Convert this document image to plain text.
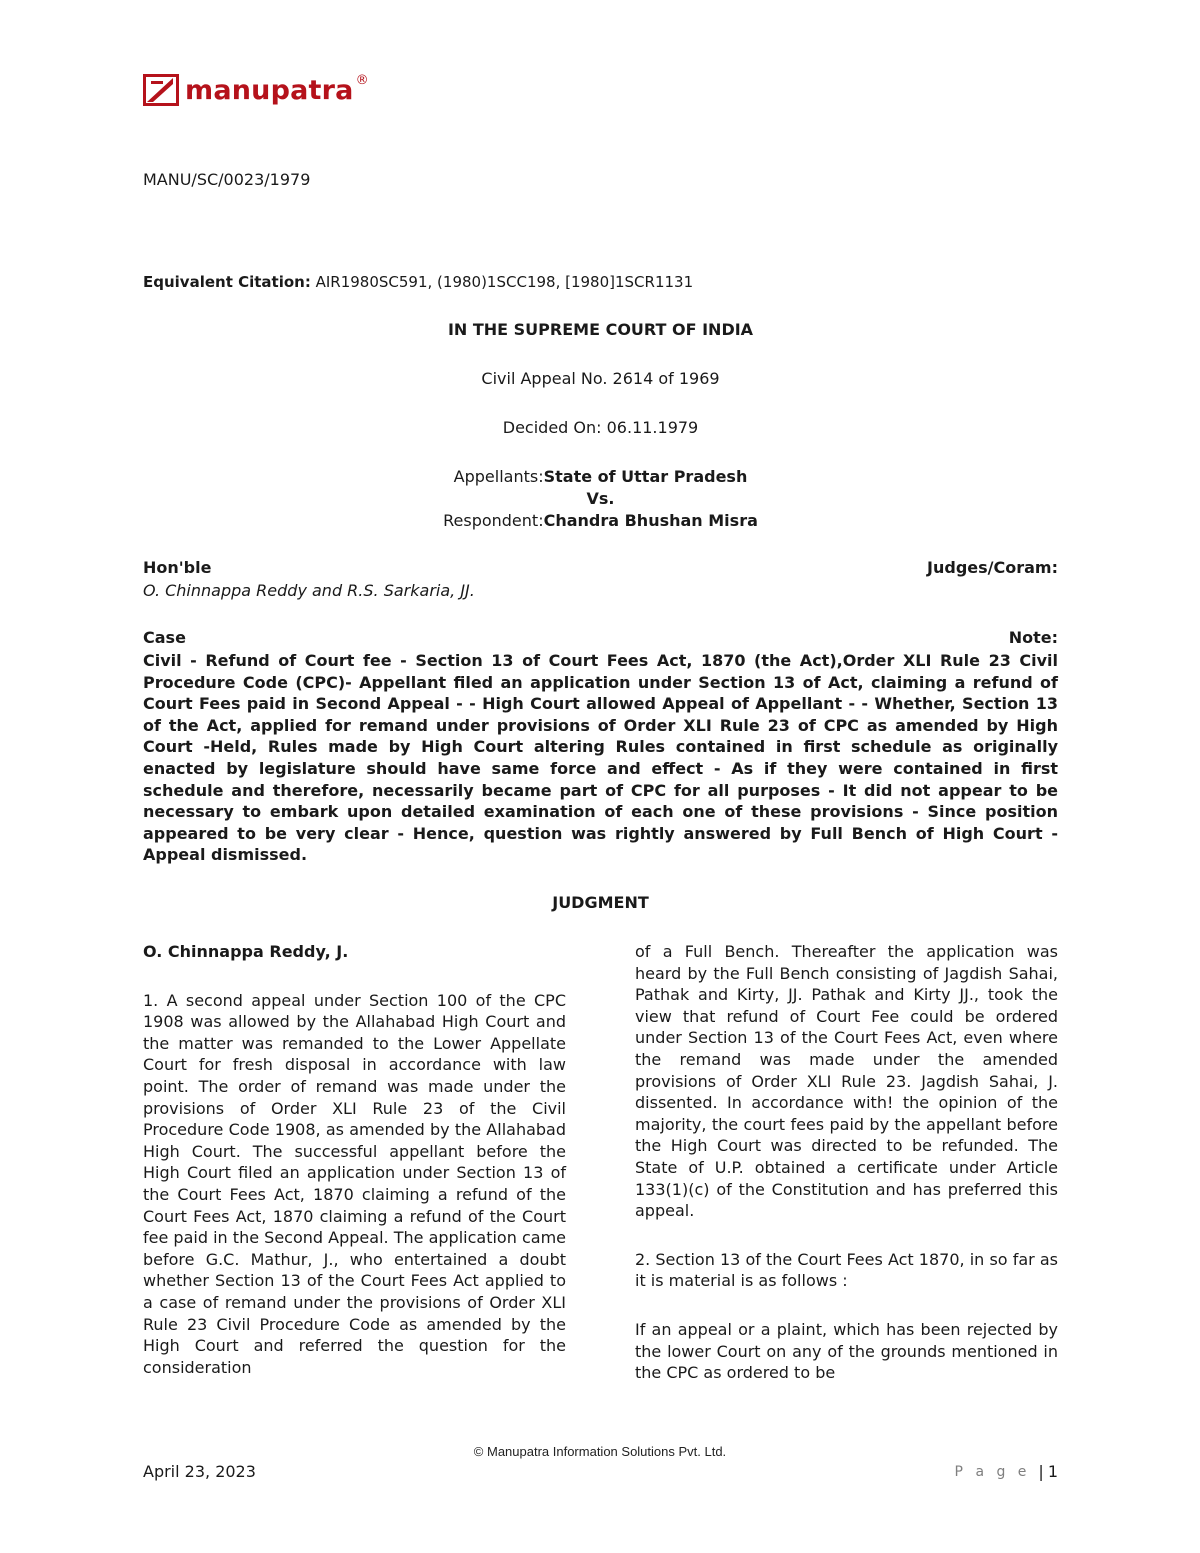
manupatra ®
MANU/SC/0023/1979
Equivalent Citation: AIR1980SC591, (1980)1SCC198, [1980]1SCR1131
IN THE SUPREME COURT OF INDIA
Civil Appeal No. 2614 of 1969
Decided On: 06.11.1979
Appellants:State of Uttar Pradesh
Vs.
Respondent:Chandra Bhushan Misra
Hon'ble	Judges/Coram:
O. Chinnappa Reddy and R.S. Sarkaria, JJ.
Case	Note:
Civil - Refund of Court fee - Section 13 of Court Fees Act, 1870 (the Act),Order XLI Rule 23 Civil Procedure Code (CPC)- Appellant filed an application under Section 13 of Act, claiming a refund of Court Fees paid in Second Appeal - - High Court allowed Appeal of Appellant - - Whether, Section 13 of the Act, applied for remand under provisions of Order XLI Rule 23 of CPC as amended by High Court -Held, Rules made by High Court altering Rules contained in first schedule as originally enacted by legislature should have same force and effect - As if they were contained in first schedule and therefore, necessarily became part of CPC for all purposes - It did not appear to be necessary to embark upon detailed examination of each one of these provisions - Since position appeared to be very clear - Hence, question was rightly answered by Full Bench of High Court - Appeal dismissed.
JUDGMENT

O. Chinnappa Reddy, J.

1. A second appeal under Section 100 of the CPC 1908 was allowed by the Allahabad High Court and the matter was remanded to the Lower Appellate Court for fresh disposal in accordance with law point. The order of remand was made under the provisions of Order XLI Rule 23 of the Civil Procedure Code 1908, as amended by the Allahabad High Court. The successful appellant before the High Court filed an application under Section 13 of the Court Fees Act, 1870 claiming a refund of the Court Fees Act, 1870 claiming a refund of the Court fee paid in the Second Appeal. The application came before G.C. Mathur, J., who entertained a doubt whether Section 13 of the Court Fees Act applied to a case of remand under the provisions of Order XLI Rule 23 Civil Procedure Code as amended by the High Court and referred the question for the consideration

of a Full Bench. Thereafter the application was heard by the Full Bench consisting of Jagdish Sahai, Pathak and Kirty, JJ. Pathak and Kirty JJ., took the view that refund of Court Fee could be ordered under Section 13 of the Court Fees Act, even where the remand was made under the amended provisions of Order XLI Rule 23. Jagdish Sahai, J. dissented. In accordance with! the opinion of the majority, the court fees paid by the appellant before the High Court was directed to be refunded. The State of U.P. obtained a certificate under Article 133(1)(c) of the Constitution and has preferred this appeal.

2. Section 13 of the Court Fees Act 1870, in so far as it is material is as follows :

If an appeal or a plaint, which has been rejected by the lower Court on any of the grounds mentioned in the CPC as ordered to be

© Manupatra Information Solutions Pvt. Ltd.
April 23, 2023	P a g e | 1
